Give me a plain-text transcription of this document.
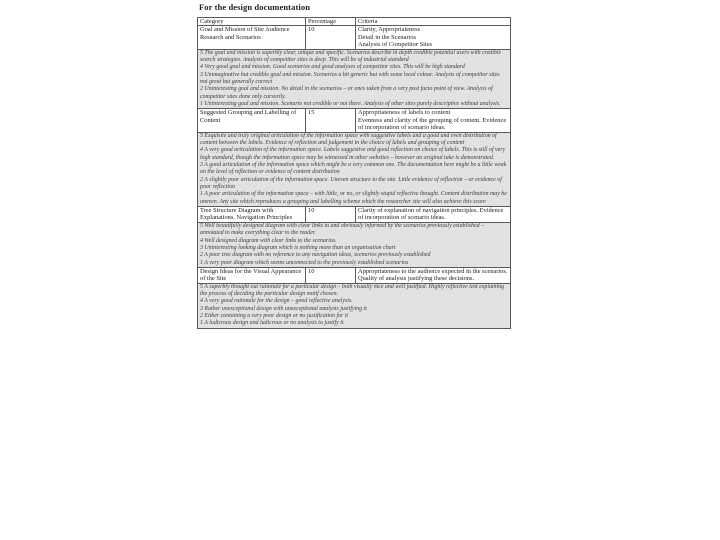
For the design documentation
Category	Percentage	Criteria
Goal and Mission of Site Audience Research and Scenarios	10	Clarity, Appropriateness
Detail in the Scenarios
Analysis of Competitor Sites

5 The goal and mission is superbly clear, unique and specific. Scenarios describe in depth credible potential users with credible search strategies. Analysis of competitor sites is deep. This will be of industrial standard
4 Very good goal and mission. Good scenarios and good analyses of competitor sites. This will be high standard
3 Unimaginative but credible goal and mission. Scenarios a bit generic but with some local colour. Analysis of competitor sites not great but generally correct
2 Uninteresting goal and mission. No detail in the scenarios – or ones taken from a very post facto point of view. Analysis of competitor sites done only cursorily.
1 Uninteresting goal and mission. Scenario not credible or not there. Analysis of other sites purely descriptive without analysis.		

Suggested Grouping and Labelling of Content	15	Appropriateness of labels to content
Evenness and clarity of the grouping of content. Evidence of incorporation of scenario ideas.

5 Exquisite and truly original articulation of the information space with suggestive labels and a good and even distribution of content between the labels. Evidence of reflection and judgement in the choice of labels and grouping of content
4 A very good articulation of the information space. Labels suggestive and good reflection on choice of labels. This is still of very high standard, though the information space may be witnessed in other websites – however an original take is demonstrated.
3 A good articulation of the information space which might be a very common one. The documentation here might be a little weak on the level of reflection or evidence of content distribution
2 A slightly poor articulation of the information space. Uneven structure to the site. Little evidence of reflection – or evidence of poor reflection
1 A poor articulation of the information space – with little, or no, or slightly stupid reflective thought. Content distribution may be uneven. Any site which reproduces a grouping and labelling scheme which the researcher site will also achieve this score		

Tree Structure Diagram with Explanations. Navigation Principles	10	Clarity of explanation of navigation principles. Evidence of incorporation of scenario ideas.

5 Well beautifully designed diagram with clear links to and obviously informed by the scenarios previously established – annotated to make everything clear to the reader.
4 Well designed diagram with clear links to the scenarios.
3 Uninteresting looking diagram which is nothing more than an organisation chart
2 A poor tree diagram with no reference to any navigation ideas, scenarios previously established
1 A very poor diagram which seems unconnected to the previously established scenarios		

Design Ideas for the Visual Appearance of the Site	10	Appropriateness to the audience expected in the scenarios. Quality of analysis justifying these decisions.

5 A superbly thought out rationale for a particular design – both visually nice and well justified. Highly reflective text explaining the process of deciding the particular design motif chosen.
4 A very good rationale for the design – good reflective analysis.
3 Rather unexceptional design with unexceptional analysis justifying it
2 Either containing a very poor design or no justification for it
1 A ludicrous design and ludicrous or no analysis to justify it		
